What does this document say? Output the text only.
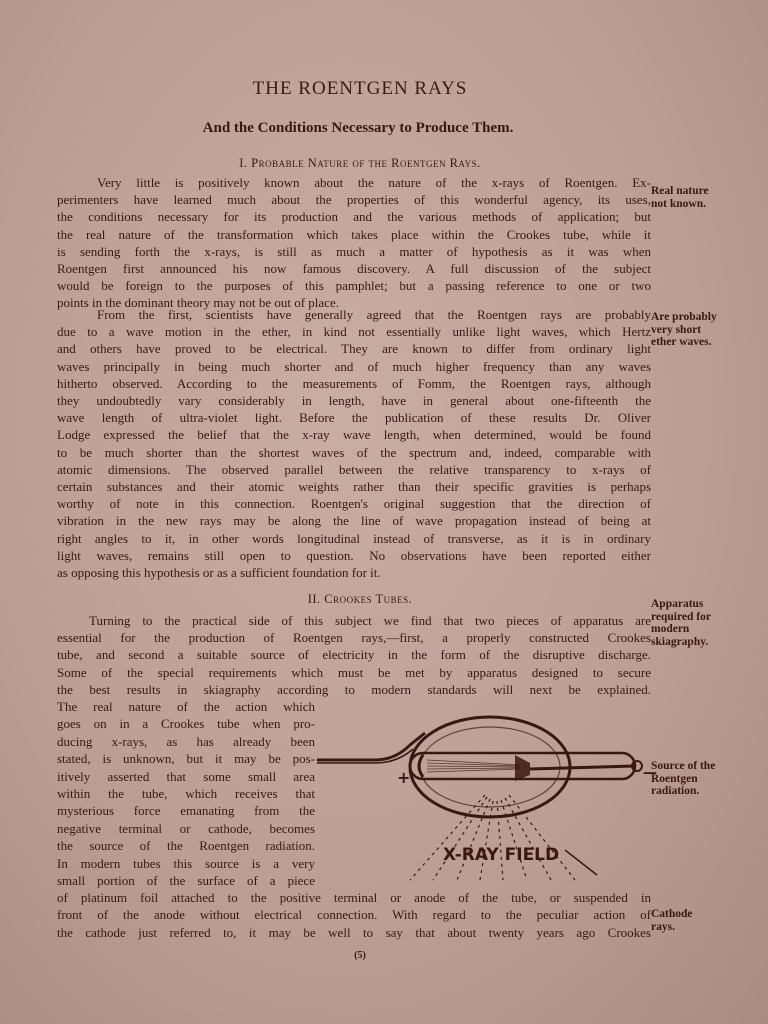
THE ROENTGEN RAYS
And the Conditions Necessary to Produce Them.
I. Probable Nature of the Roentgen Rays.
Very little is positively known about the nature of the x-rays of Roentgen. Ex-
perimenters have learned much about the properties of this wonderful agency, its uses,
the conditions necessary for its production and the various methods of application; but
the real nature of the transformation which takes place within the Crookes tube, while it
is sending forth the x-rays, is still as much a matter of hypothesis as it was when
Roentgen first announced his now famous discovery. A full discussion of the subject
would be foreign to the purposes of this pamphlet; but a passing reference to one or two
points in the dominant theory may not be out of place.
From the first, scientists have generally agreed that the Roentgen rays are probably
due to a wave motion in the ether, in kind not essentially unlike light waves, which Hertz
and others have proved to be electrical. They are known to differ from ordinary light
waves principally in being much shorter and of much higher frequency than any waves
hitherto observed. According to the measurements of Fomm, the Roentgen rays, although
they undoubtedly vary considerably in length, have in general about one-fifteenth the
wave length of ultra-violet light. Before the publication of these results Dr. Oliver
Lodge expressed the belief that the x-ray wave length, when determined, would be found
to be much shorter than the shortest waves of the spectrum and, indeed, comparable with
atomic dimensions. The observed parallel between the relative transparency to x-rays of
certain substances and their atomic weights rather than their specific gravities is perhaps
worthy of note in this connection. Roentgen's original suggestion that the direction of
vibration in the new rays may be along the line of wave propagation instead of being at
right angles to it, in other words longitudinal instead of transverse, as it is in ordinary
light waves, remains still open to question. No observations have been reported either
as opposing this hypothesis or as a sufficient foundation for it.
II. Crookes Tubes.
Turning to the practical side of this subject we find that two pieces of apparatus are
essential for the production of Roentgen rays,—first, a properly constructed Crookes
tube, and second a suitable source of electricity in the form of the disruptive discharge.
Some of the special requirements which must be met by apparatus designed to secure
the best results in skiagraphy according to modern standards will next be explained.
The real nature of the action which
goes on in a Crookes tube when pro-
ducing x-rays, as has already been
stated, is unknown, but it may be pos-
itively asserted that some small area
within the tube, which receives that
mysterious force emanating from the
negative terminal or cathode, becomes
the source of the Roentgen radiation.
In modern tubes this source is a very
small portion of the surface of a piece
+	—
X-RAY FIELD
of platinum foil attached to the positive terminal or anode of the tube, or suspended in
front of the anode without electrical connection. With regard to the peculiar action of
the cathode just referred to, it may be well to say that about twenty years ago Crookes
Real nature
not known.
Are probably
very short
ether waves.
Apparatus
required for
modern
skiagraphy.
Source of the
Roentgen
radiation.
Cathode
rays.
(5)
